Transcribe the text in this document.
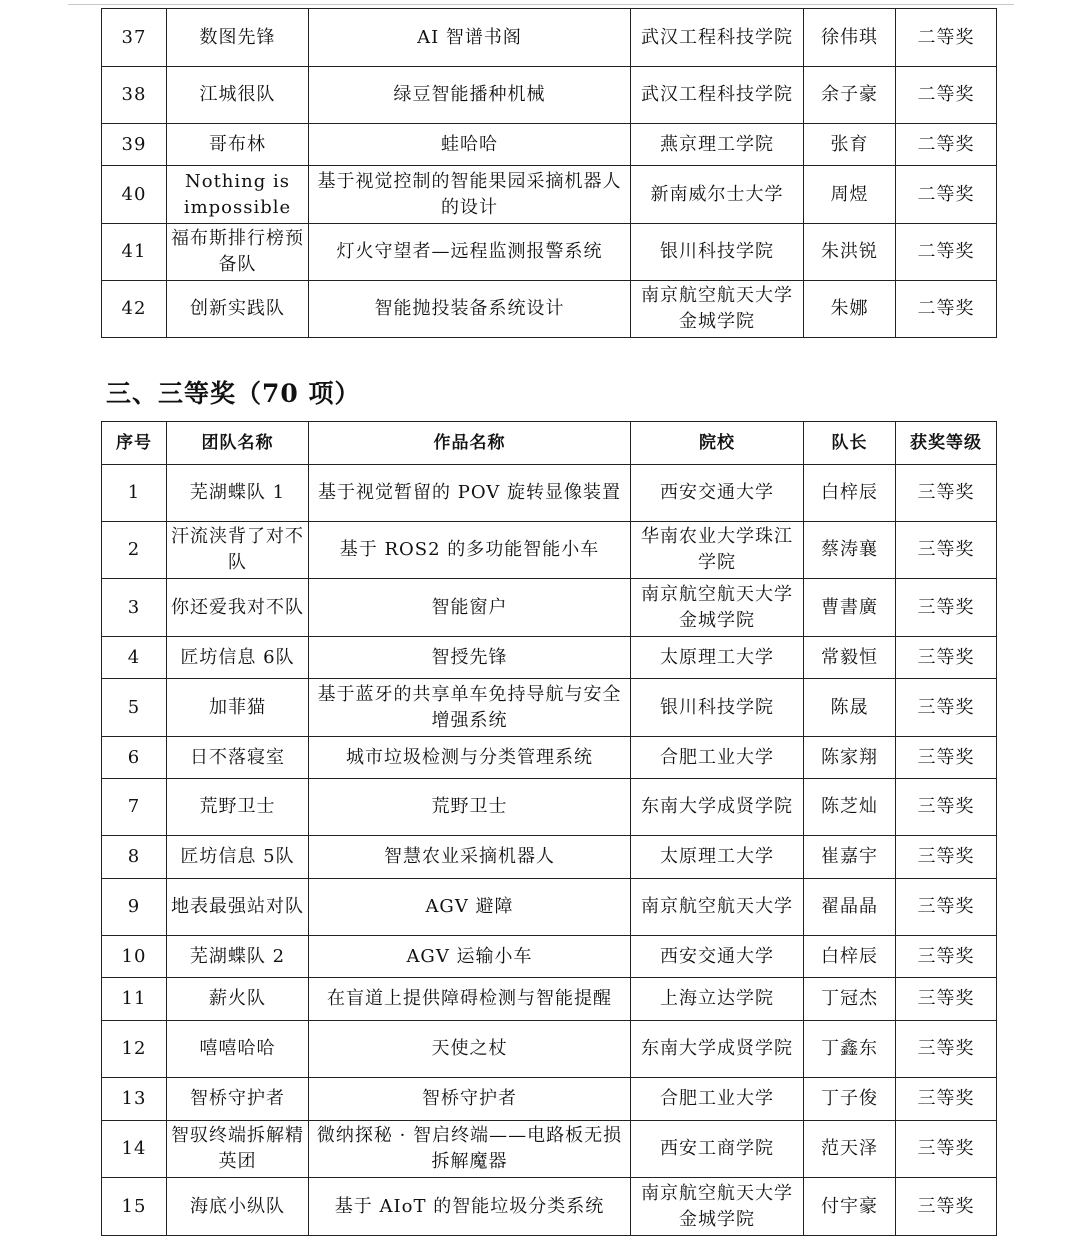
37	数图先锋	AI 智谱书阁	武汉工程科技学院	徐伟琪	二等奖
38	江城很队	绿豆智能播种机械	武汉工程科技学院	余子豪	二等奖
39	哥布林	蛙哈哈	燕京理工学院	张育	二等奖
40	Nothing is impossible	基于视觉控制的智能果园采摘机器人的设计	新南威尔士大学	周煜	二等奖
41	福布斯排行榜预备队	灯火守望者—远程监测报警系统	银川科技学院	朱洪锐	二等奖
42	创新实践队	智能抛投装备系统设计	南京航空航天大学金城学院	朱娜	二等奖
三、三等奖（70 项）
序号	团队名称	作品名称	院校	队长	获奖等级
1	芜湖蝶队 1	基于视觉暂留的 POV 旋转显像装置	西安交通大学	白梓辰	三等奖
2	汗流浃背了对不队	基于 ROS2 的多功能智能小车	华南农业大学珠江学院	蔡涛襄	三等奖
3	你还爱我对不队	智能窗户	南京航空航天大学金城学院	曹書廣	三等奖
4	匠坊信息 6队	智授先锋	太原理工大学	常毅恒	三等奖
5	加菲猫	基于蓝牙的共享单车免持导航与安全增强系统	银川科技学院	陈晟	三等奖
6	日不落寝室	城市垃圾检测与分类管理系统	合肥工业大学	陈家翔	三等奖
7	荒野卫士	荒野卫士	东南大学成贤学院	陈芝灿	三等奖
8	匠坊信息 5队	智慧农业采摘机器人	太原理工大学	崔嘉宇	三等奖
9	地表最强站对队	AGV 避障	南京航空航天大学	翟晶晶	三等奖
10	芜湖蝶队 2	AGV 运输小车	西安交通大学	白梓辰	三等奖
11	薪火队	在盲道上提供障碍检测与智能提醒	上海立达学院	丁冠杰	三等奖
12	嘻嘻哈哈	天使之杖	东南大学成贤学院	丁鑫东	三等奖
13	智桥守护者	智桥守护者	合肥工业大学	丁子俊	三等奖
14	智驭终端拆解精英团	微纳探秘 · 智启终端——电路板无损拆解魔器	西安工商学院	范天泽	三等奖
15	海底小纵队	基于 AIoT 的智能垃圾分类系统	南京航空航天大学金城学院	付宇豪	三等奖
